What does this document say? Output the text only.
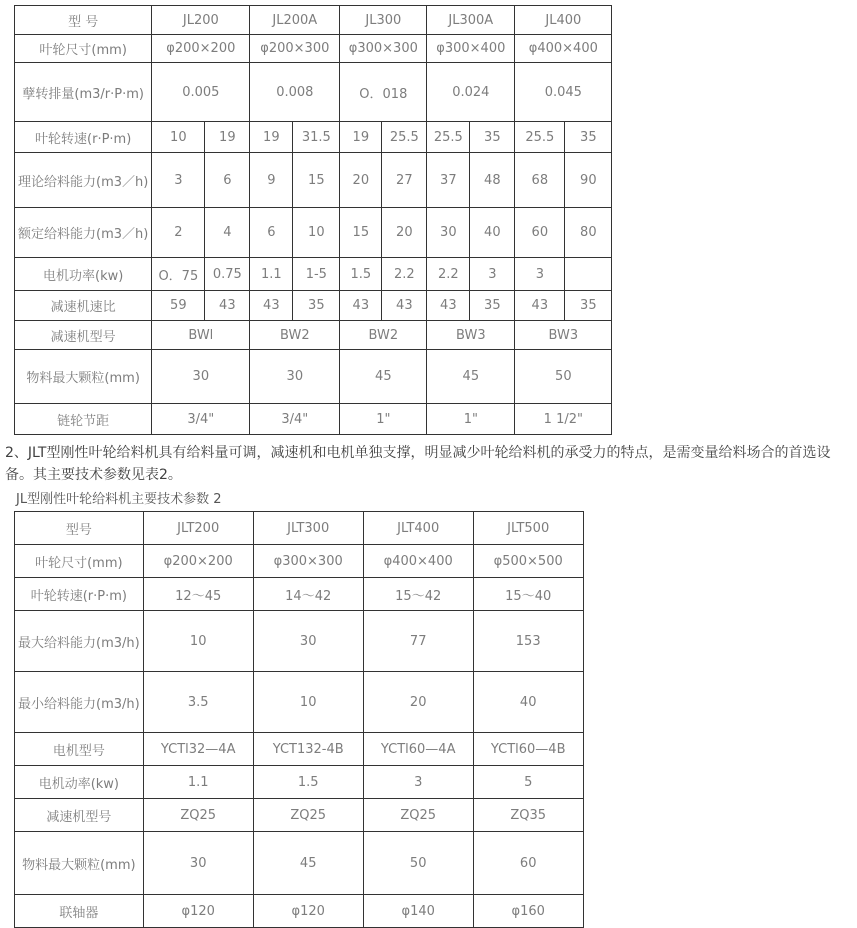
型 号	JL200		JL200A		JL300		JL300A		JL400	
叶轮尺寸(mm)	φ200×200		φ200×300		φ300×300		φ300×400		φ400×400	
孽转排量(m3/r·P·m)	0.005		0.008		O．018		0.024		0.045	
叶轮转速(r·P·m)	10	19	19	31.5	19	25.5	25.5	35	25.5	35
理论给料能力(m3／h)	3	6	9	15	20	27	37	48	68	90
额定给料能力(m3／h)	2	4	6	10	15	20	30	40	60	80
电机功率(kw)	O．75	0.75	1.1	1-5	1.5	2.2	2.2	3	3	
减速机速比	59	43	43	35	43	43	43	35	43	35
减速机型号	BWl		BW2		BW2		BW3		BW3	
物料最大颗粒(mm)	30		30		45		45		50	
链轮节距	3/4"		3/4"		1"		1"		1 1/2"	

2、JLT型刚性叶轮给料机具有给料量可调，减速机和电机单独支撑，明显减少叶轮给料机的承受力的特点，是需变量给料场合的首选设备。其主要技术参数见表2。

JL型刚性叶轮给料机主要技术参数 2
型号	JLT200	JLT300	JLT400	JLT500
叶轮尺寸(mm)	φ200×200	φ300×300	φ400×400	φ500×500
叶轮转速(r·P·m)	12～45	14～42	15～42	15～40
最大给料能力(m3/h)	10	30	77	153
最小给料能力(m3/h)	3.5	10	20	40
电机型号	YCTl32—4A	YCT132-4B	YCTl60—4A	YCTl60—4B
电机动率(kw)	1.1	1.5	3	5
减速机型号	ZQ25	ZQ25	ZQ25	ZQ35
物料最大颗粒(mm)	30	45	50	60
联轴器	φ120	φ120	φ140	φ160
